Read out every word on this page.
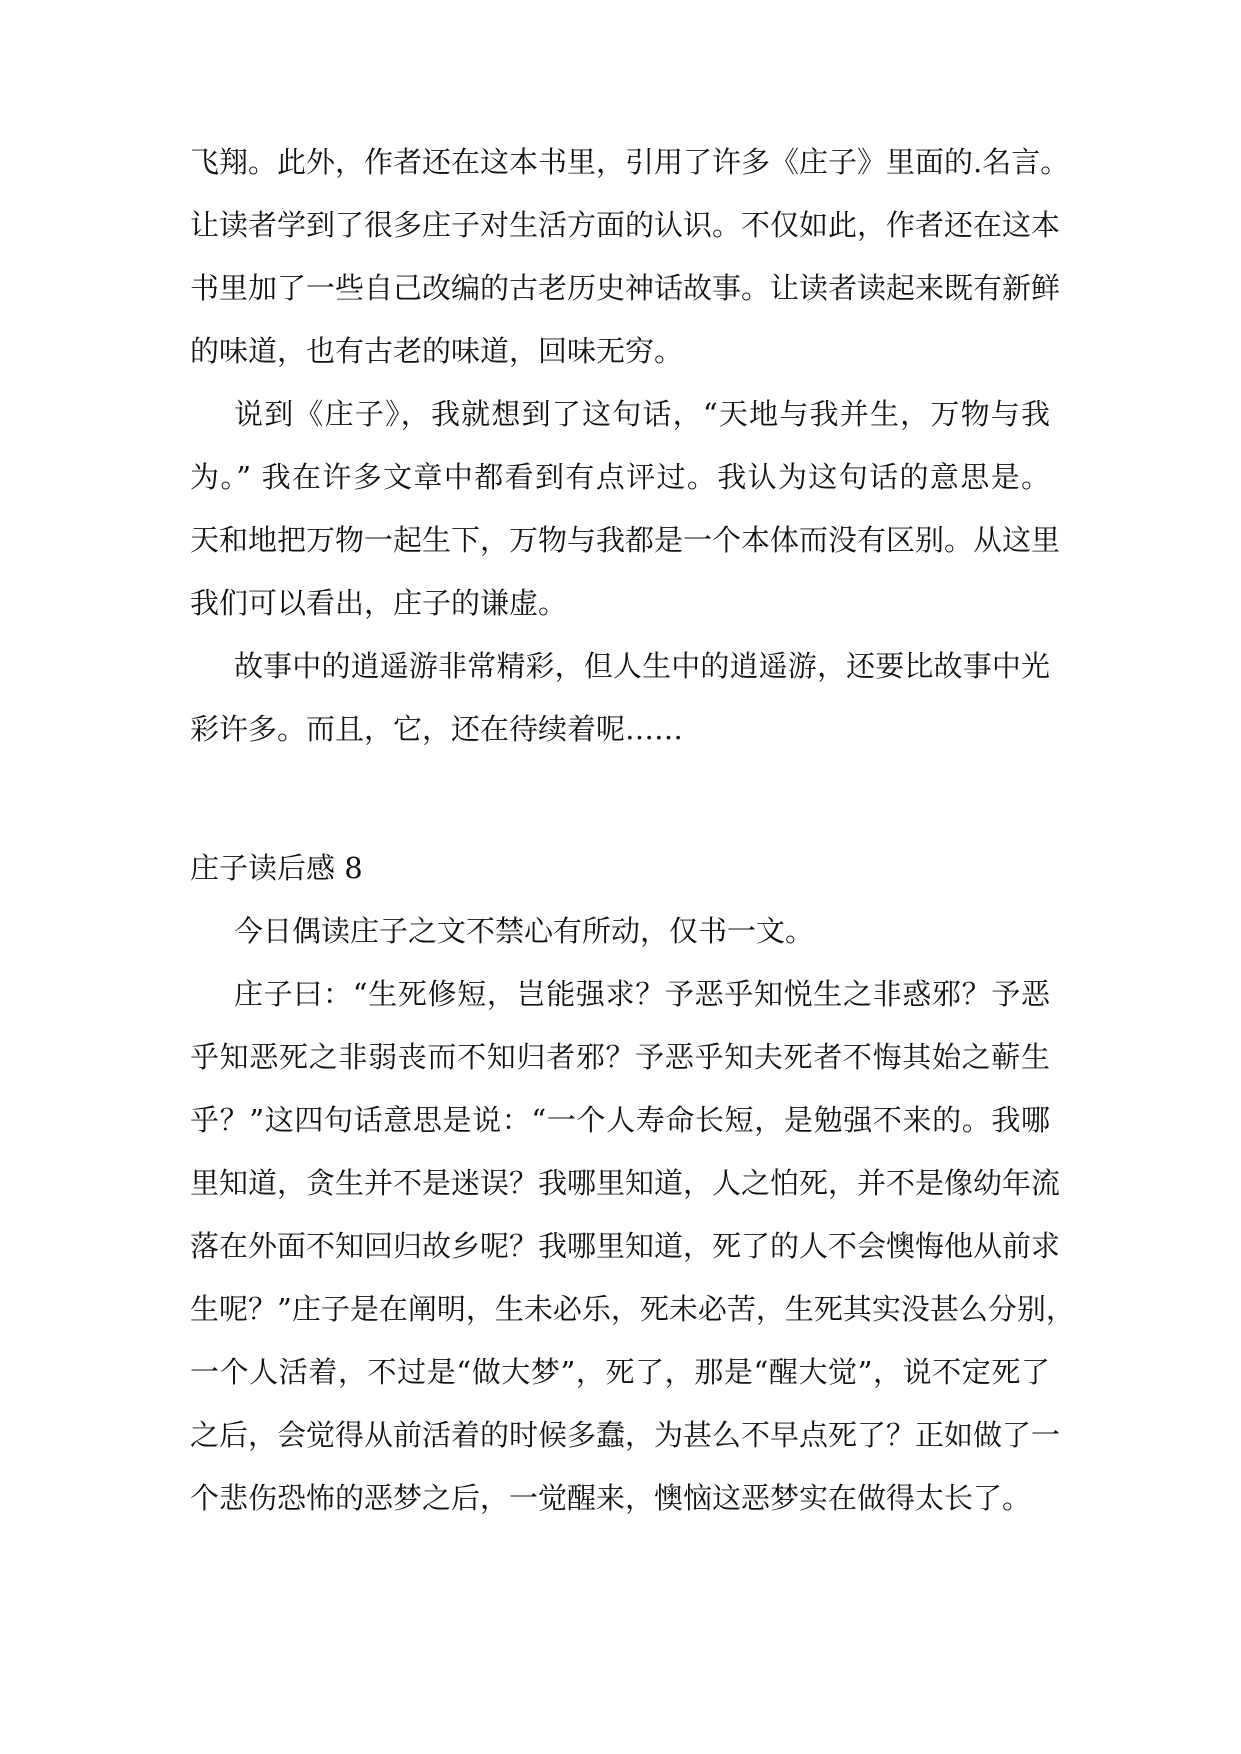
飞翔。此外，作者还在这本书里，引用了许多《庄子》里面的.名言。
让读者学到了很多庄子对生活方面的认识。不仅如此，作者还在这本
书里加了一些自己改编的古老历史神话故事。让读者读起来既有新鲜
的味道，也有古老的味道，回味无穷。
说到《庄子》，我就想到了这句话，“天地与我并生，万物与我
为。” 我在许多文章中都看到有点评过。我认为这句话的意思是。
天和地把万物一起生下，万物与我都是一个本体而没有区别。从这里
我们可以看出，庄子的谦虚。
故事中的逍遥游非常精彩，但人生中的逍遥游，还要比故事中光
彩许多。而且，它，还在待续着呢……
庄子读后感 8
今日偶读庄子之文不禁心有所动，仅书一文。
庄子曰：“生死修短，岂能强求？予恶乎知悦生之非惑邪？予恶
乎知恶死之非弱丧而不知归者邪？予恶乎知夫死者不悔其始之蕲生
乎？”这四句话意思是说：“一个人寿命长短，是勉强不来的。我哪
里知道，贪生并不是迷误？我哪里知道，人之怕死，并不是像幼年流
落在外面不知回归故乡呢？我哪里知道，死了的人不会懊悔他从前求
生呢？”庄子是在阐明，生未必乐，死未必苦，生死其实没甚么分别，
一个人活着，不过是“做大梦”，死了，那是“醒大觉”，说不定死了
之后，会觉得从前活着的时候多蠢，为甚么不早点死了？正如做了一
个悲伤恐怖的恶梦之后，一觉醒来，懊恼这恶梦实在做得太长了。
